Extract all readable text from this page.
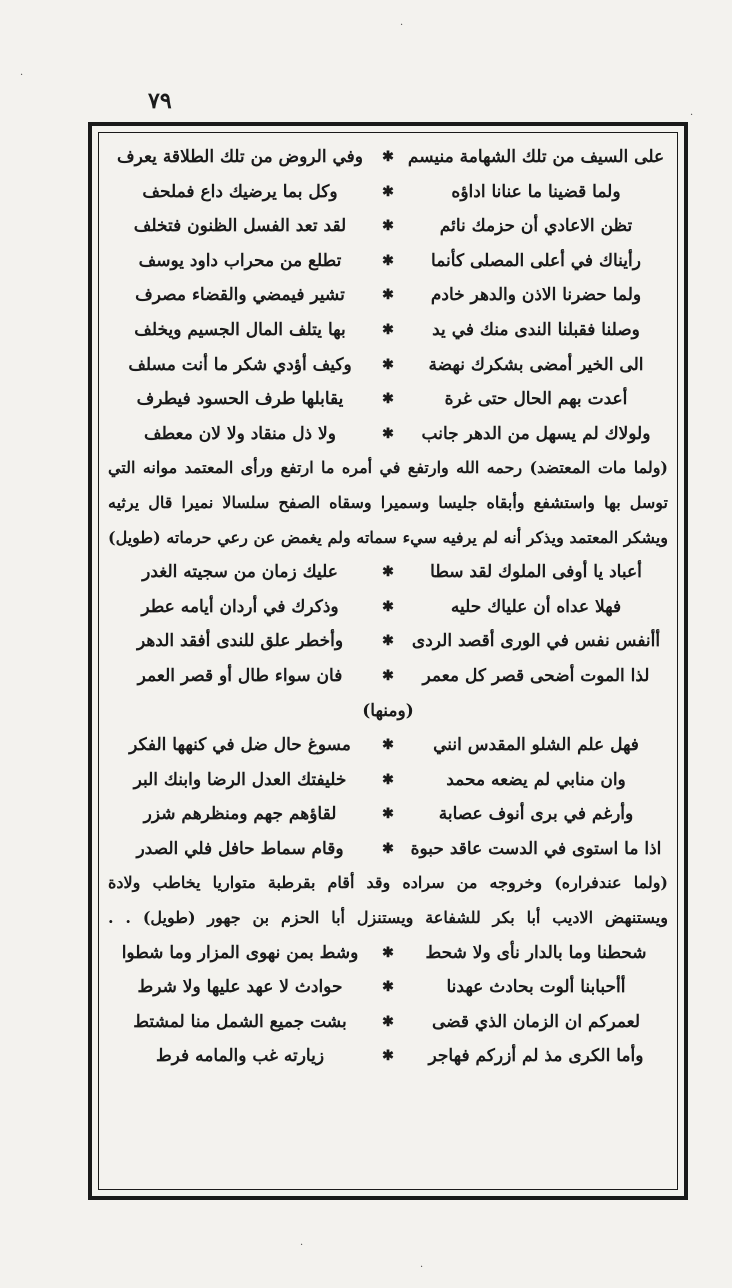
٧٩
على السيف من تلك الشهامة منيسم
✱
وفي الروض من تلك الطلاقة يعرف
ولما قضينا ما عنانا اداؤه
✱
وكل بما يرضيك داع فملحف
تظن الاعادي أن حزمك نائم
✱
لقد تعد الفسل الظنون فتخلف
رأيناك في أعلى المصلى كأنما
✱
تطلع من محراب داود يوسف
ولما حضرنا الاذن والدهر خادم
✱
تشير فيمضي والقضاء مصرف
وصلنا فقبلنا الندى منك في يد
✱
بها يتلف المال الجسيم ويخلف
الى الخير أمضى بشكرك نهضة
✱
وكيف أؤدي شكر ما أنت مسلف
أعدت بهم الحال حتى غرة
✱
يقابلها طرف الحسود فيطرف
ولولاك لم يسهل من الدهر جانب
✱
ولا ذل منقاد ولا لان معطف
(ولما مات المعتضد) رحمه الله وارتفع في أمره ما ارتفع ورأى المعتمد موانه التي
توسل بها واستشفع وأبقاه جليسا وسميرا وسقاه الصفح سلسالا نميرا قال يرثيه
ويشكر المعتمد ويذكر أنه لم يرفيه سيء سماته ولم يغمض عن رعي حرماته (طويل)
أعباد يا أوفى الملوك لقد سطا
✱
عليك زمان من سجيته الغدر
فهلا عداه أن علياك حليه
✱
وذكرك في أردان أيامه عطر
أأنفس نفس في الورى أقصد الردى
✱
وأخطر علق للندى أفقد الدهر
لذا الموت أضحى قصر كل معمر
✱
فان سواء طال أو قصر العمر
(ومنها)
فهل علم الشلو المقدس انني
✱
مسوغ حال ضل في كنهها الفكر
وان منابي لم يضعه محمد
✱
خليفتك العدل الرضا وابنك البر
وأرغم في برى أنوف عصابة
✱
لقاؤهم جهم ومنظرهم شزر
اذا ما استوى في الدست عاقد حبوة
✱
وقام سماط حافل فلي الصدر
(ولما عندفراره) وخروجه من سراده وقد أقام بقرطبة متواريا يخاطب ولادة
ويستنهض الاديب أبا بكر للشفاعة ويستنزل أبا الحزم بن جهور (طويل) . .
شحطنا وما بالدار نأى ولا شحط
✱
وشط بمن نهوى المزار وما شطوا
أأحبابنا ألوت بحادث عهدنا
✱
حوادث لا عهد عليها ولا شرط
لعمركم ان الزمان الذي قضى
✱
بشت جميع الشمل منا لمشتط
وأما الكرى مذ لم أزركم فهاجر
✱
زيارته غب والمامه فرط
·
·
·
·
·
